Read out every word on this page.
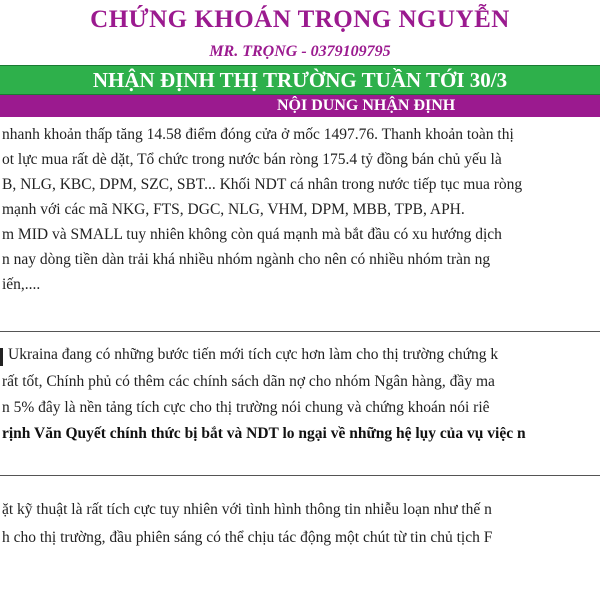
CHỨNG KHOÁN TRỌNG NGUYỄN
MR. TRỌNG - 0379109795
NHẬN ĐỊNH THỊ TRƯỜNG TUẦN TỚI 30/3
NỘI DUNG NHẬN ĐỊNH
nhanh khoản thấp tăng 14.58 điểm đóng cửa ở mốc 1497.76. Thanh khoản toàn thị
ot lực mua rất dè dặt, Tổ chức trong nước bán ròng 175.4 tỷ đồng bán chủ yếu là
B, NLG, KBC, DPM, SZC, SBT... Khối NDT cá nhân trong nước tiếp tục mua ròng
mạnh với các mã NKG, FTS, DGC, NLG, VHM, DPM, MBB, TPB, APH.
m MID và SMALL tuy nhiên không còn quá mạnh mà bắt đầu có xu hướng dịch
n nay dòng tiền dàn trải khá nhiều nhóm ngành cho nên có nhiều nhóm tràn ng
iến,....
Ukraina đang có những bước tiến mới tích cực hơn làm cho thị trường chứng k
rất tốt, Chính phủ có thêm các chính sách dãn nợ cho nhóm Ngân hàng, đầy ma
n 5% đây là nền tảng tích cực cho thị trường nói chung và chứng khoán nói riê
rịnh Văn Quyết chính thức bị bắt và NDT lo ngại về những hệ lụy của vụ việc n
ặt kỹ thuật là rất tích cực tuy nhiên với tình hình thông tin nhiễu loạn như thế n
h cho thị trường, đầu phiên sáng có thể chịu tác động một chút từ tin chủ tịch F
